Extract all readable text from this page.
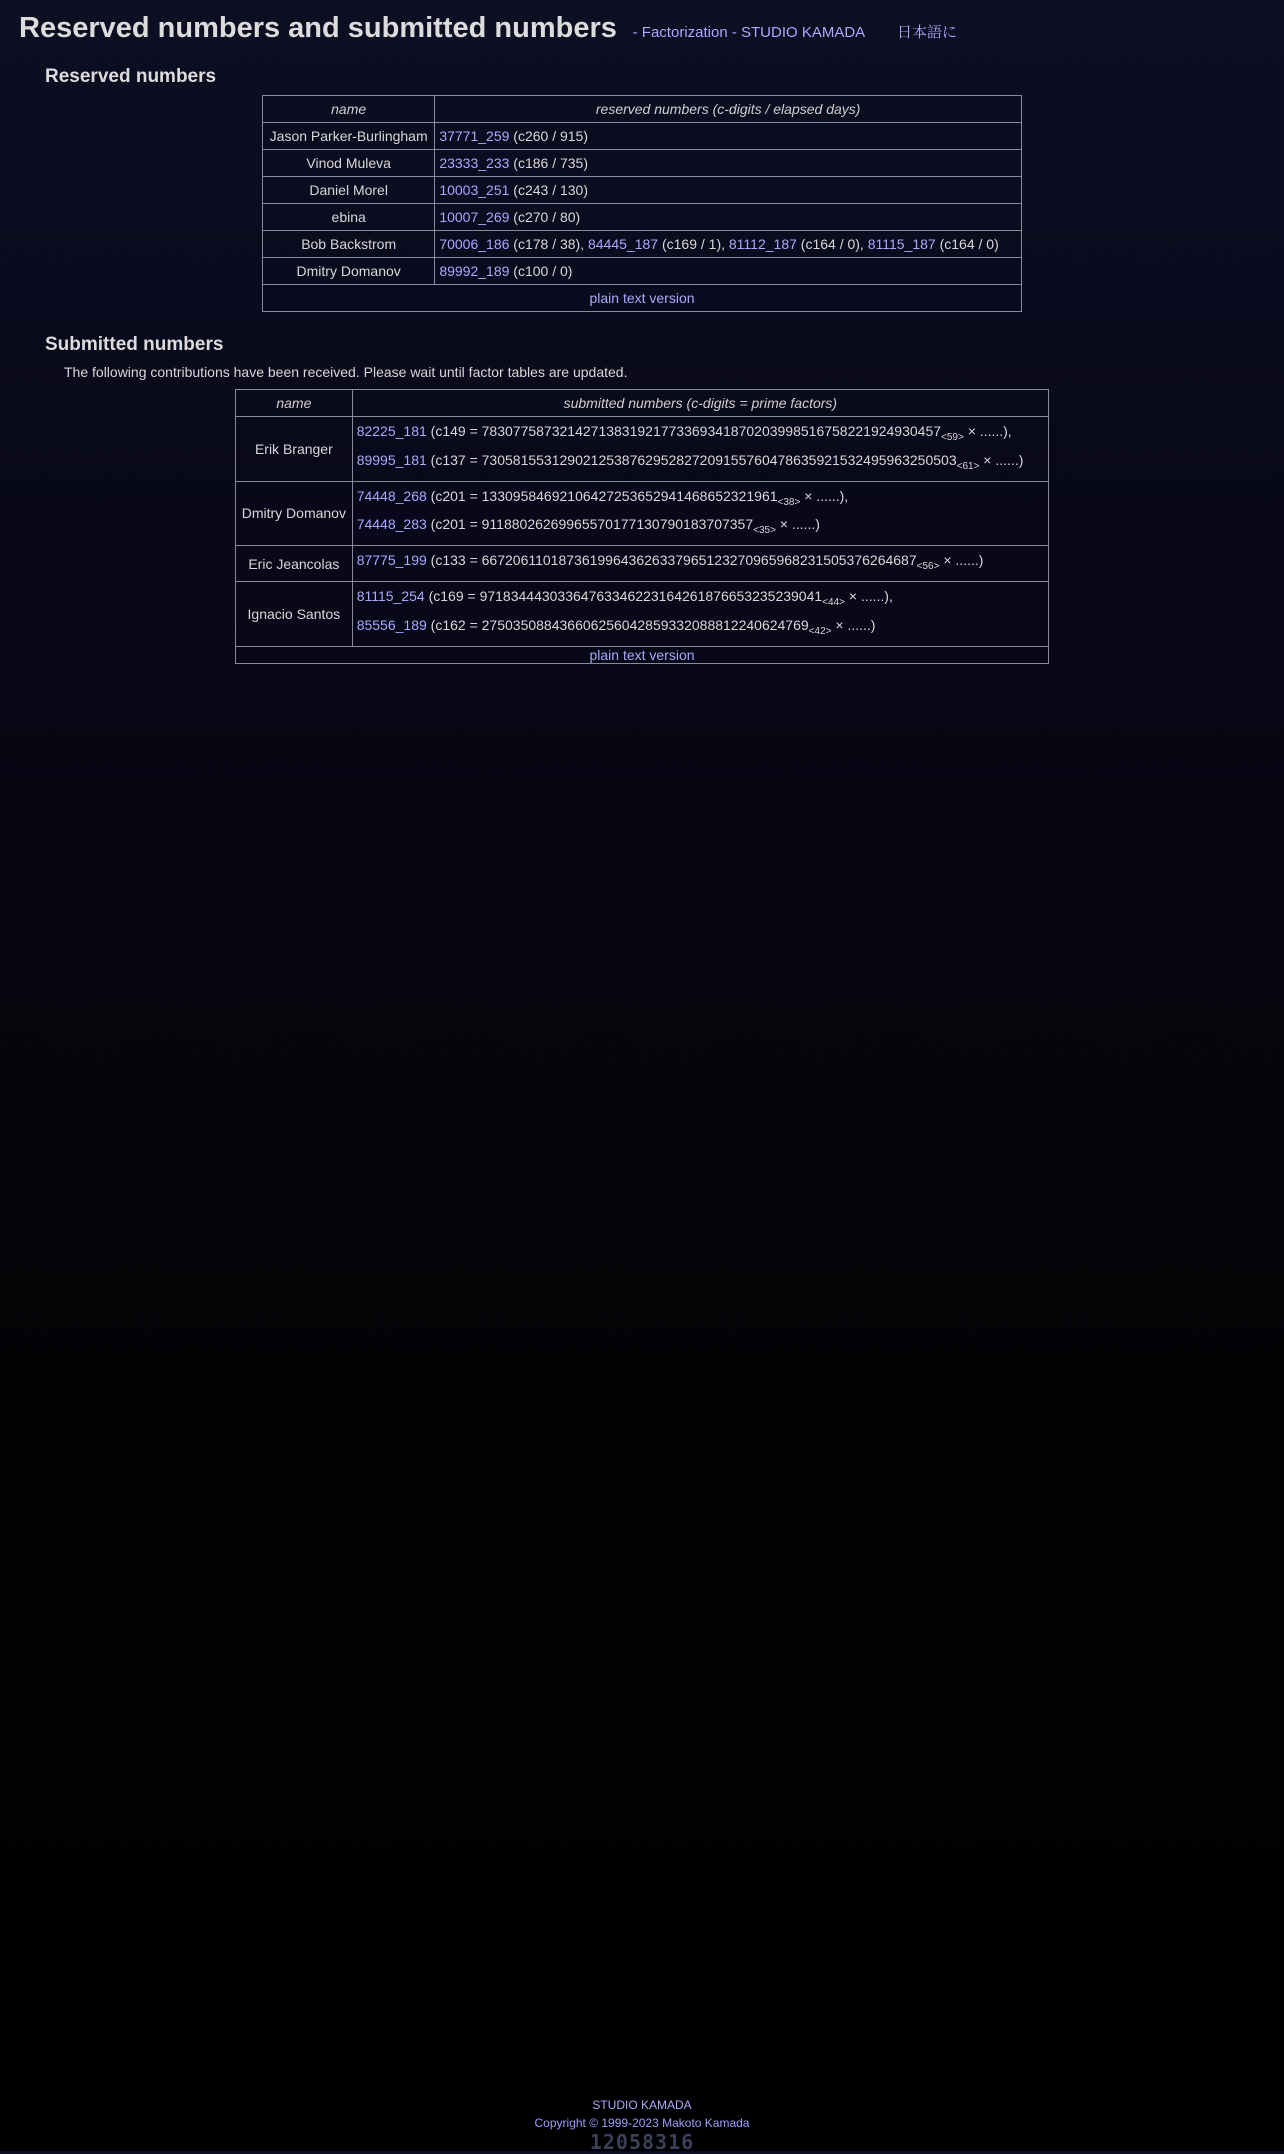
Reserved numbers and submitted numbers - Factorization - STUDIO KAMADA 日本語に
Reserved numbers
name	reserved numbers (c-digits / elapsed days)
Jason Parker-Burlingham	37771_259 (c260 / 915)
Vinod Muleva	23333_233 (c186 / 735)
Daniel Morel	10003_251 (c243 / 130)
ebina	10007_269 (c270 / 80)
Bob Backstrom	70006_186 (c178 / 38), 84445_187 (c169 / 1), 81112_187 (c164 / 0), 81115_187 (c164 / 0)
Dmitry Domanov	89992_189 (c100 / 0)
plain text version	
Submitted numbers
The following contributions have been received. Please wait until factor tables are updated.
name	submitted numbers (c-digits = prime factors)
Erik Branger	82225_181 ($c149 = 78307758732142713831921773369341870203998516758221924930457_{<59>}$ × ......),
89995_181 ($c137 = 73058155312902125387629528272091557604786359215324959632505​03_{<61>}$ × ......)

Dmitry Domanov	74448_268 ($c201 = 13309584692106427253652941468652321961_{<38>}$ × ......),
74448_283 ($c201 = 91188026269965570177130790183707357_{<35>}$ × ......)

Eric Jeancolas	87775_199 ($c133 = 66720611018736199643626337965123270965968231505376264687_{<56>}$ × ......)

Ignacio Santos	81115_254 ($c169 = 97183444303364763346223164261876653235239041_{<44>}$ × ......),
85556_189 ($c162 = 275035088436606256042859332088812240624769_{<42>}$ × ......)

plain text version	
STUDIO KAMADA
Copyright © 1999-2023 Makoto Kamada
12058316
